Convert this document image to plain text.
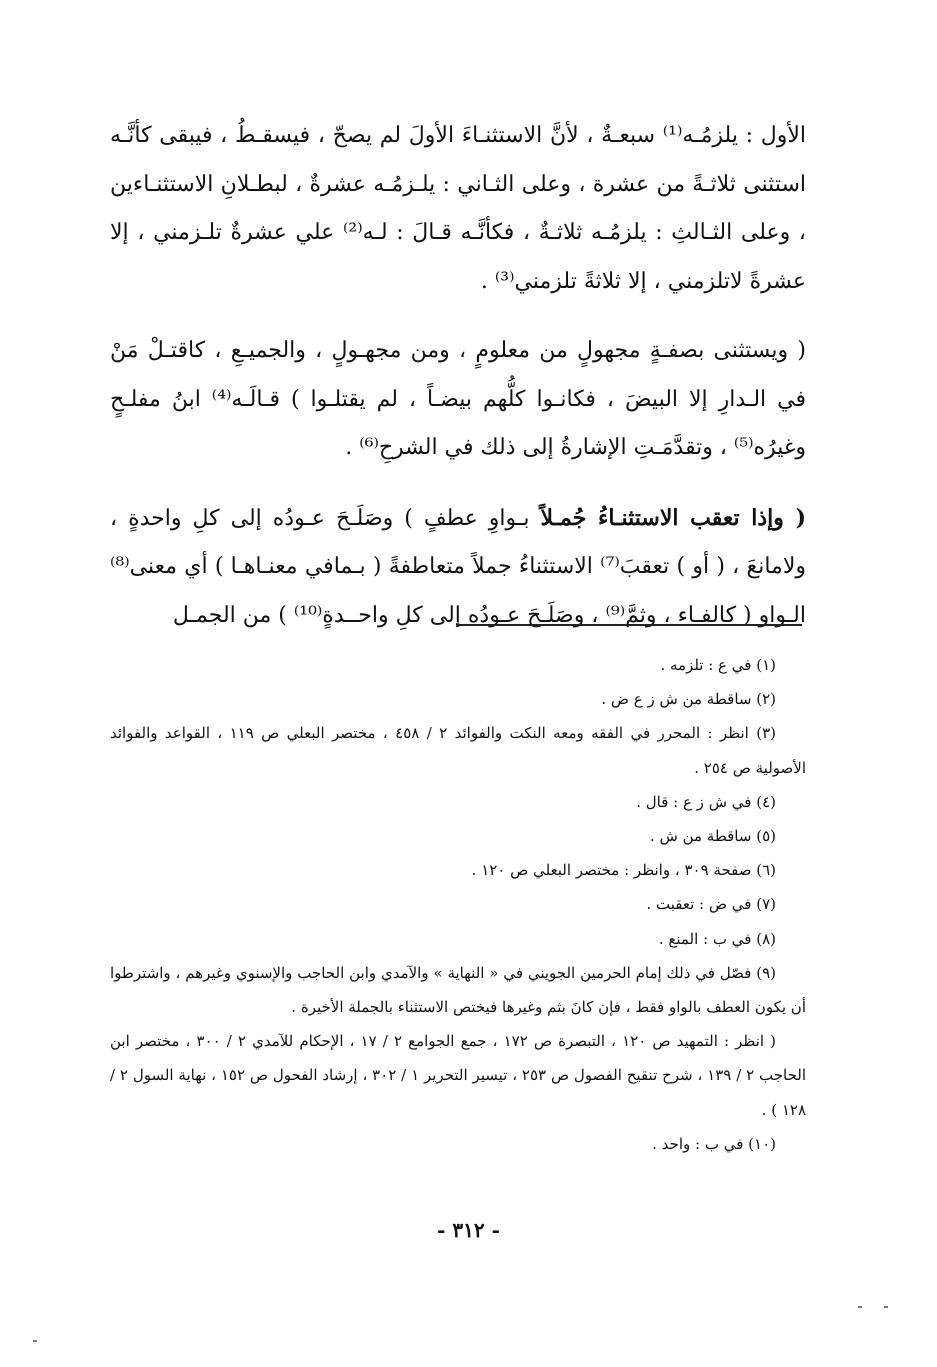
الأول : يلزمُـه⁽¹⁾ سبعـةٌ ، لأنَّ الاستثنـاءَ الأولَ لم يصحّ ، فيسقـطُ ، فيبقى كأنَّـه استثنى ثلاثـةً من عشرة ، وعلى الثـاني : يلـزمُـه عشرةٌ ، لبطـلانِ الاستثنـاءين ، وعلى الثـالثِ : يلزمُـه ثلاثـةٌ ، فكأنَّـه قـالَ : لـه⁽²⁾ علي عشرةٌ تلـزمني ، إلا عشرةً لاتلزمني ، إلا ثلاثةً تلزمني⁽³⁾ .

( ويستثنى بصفـةٍ مجهولٍ من معلومٍ ، ومن مجهـولٍ ، والجميـعِ ، كاقتـلْ مَنْ في الـدارِ إلا البيضَ ، فكانـوا كلُّهم بيضـاً ، لم يقتلـوا ) قـالَـه⁽⁴⁾ ابنُ مفلـحٍ وغيرُه⁽⁵⁾ ، وتقدَّمَـتِ الإشارةُ إلى ذلك في الشرحِ⁽⁶⁾ .

( وإذا تعقب الاستثنـاءُ جُمـلاً بـواوِ عطفٍ ) وصَلَـحَ عـودُه إلى كلِ واحدةٍ ، ولامانعَ ، ( أو ) تعقبَ⁽⁷⁾ الاستثناءُ جملاً متعاطفةً ( بـمافي معنـاهـا ) أي معنى⁽⁸⁾ الـواو ( كالفـاء ، وثمَّ⁽⁹⁾ ، وصَلَـحَ عـودُه إلى كلِ واحــدةٍ⁽¹⁰⁾ ) من الجمـل

(١) في ع : تلزمه .

(٢) ساقطة من ش ز ع ض .

(٣) انظر : المحرر في الفقه ومعه النكت والفوائد ٢ / ٤٥٨ ، مختصر البعلي ص ١١٩ ، القواعد والفوائد الأصولية ص ٢٥٤ .

(٤) في ش ز ع : قال .

(٥) ساقطة من ش .

(٦) صفحة ٣٠٩ ، وانظر : مختصر البعلي ص ١٢٠ .

(٧) في ض : تعقبت .

(٨) في ب : المنع .

(٩) فصّل في ذلك إمام الحرمين الجويني في « النهاية » والآمدي وابن الحاجب والإسنوي وغيرهم ، واشترطوا أن يكون العطف بالواو فقط ، فإن كانَ بثم وغيرها فيختص الاستثناء بالجملة الأخيرة .

( انظر : التمهيد ص ١٢٠ ، التبصرة ص ١٧٢ ، جمع الجوامع ٢ / ١٧ ، الإحكام للآمدي ٢ / ٣٠٠ ، مختصر ابن الحاجب ٢ / ١٣٩ ، شرح تنقيح الفصول ص ٢٥٣ ، تيسير التحرير ١ / ٣٠٢ ، إرشاد الفحول ص ١٥٢ ، نهاية السول ٢ / ١٢٨ ) .

(١٠) في ب : واحد .

- ٣١٢ -
